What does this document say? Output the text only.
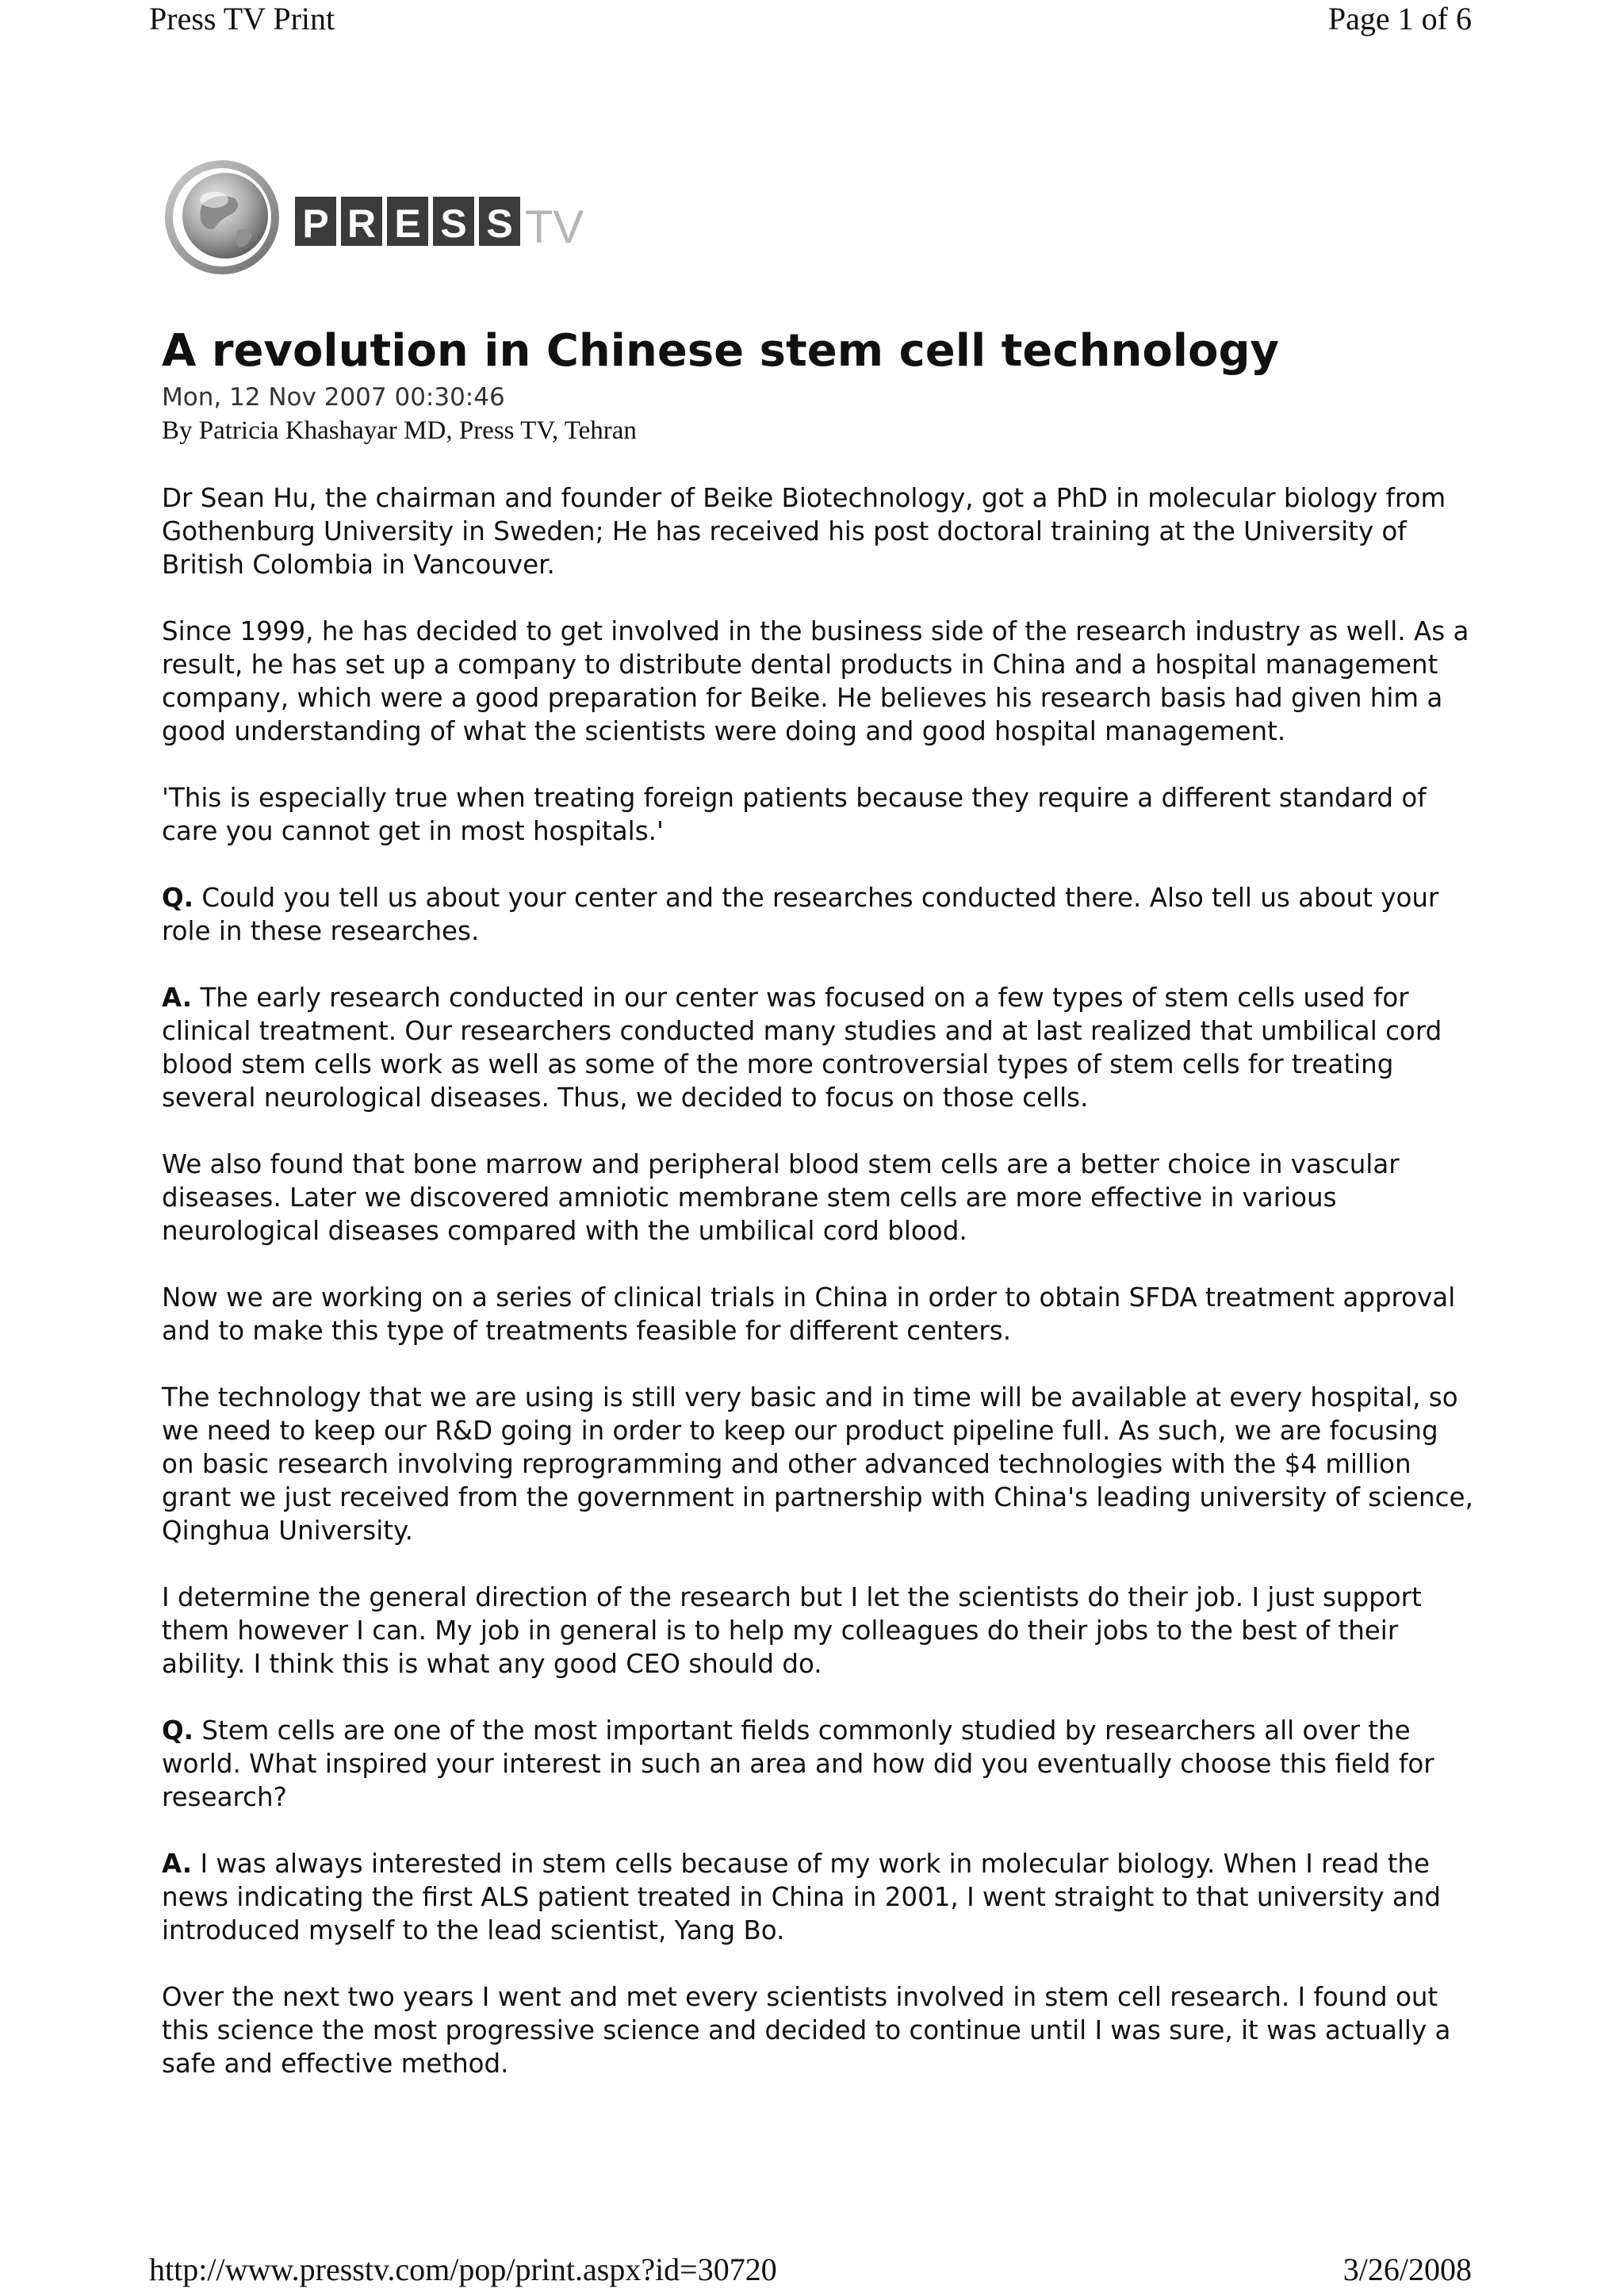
Press TV Print	Page 1 of 6
P R E S S TV
A revolution in Chinese stem cell technology
Mon, 12 Nov 2007 00:30:46
By Patricia Khashayar MD, Press TV, Tehran

Dr Sean Hu, the chairman and founder of Beike Biotechnology, got a PhD in molecular biology from Gothenburg University in Sweden; He has received his post doctoral training at the University of British Colombia in Vancouver.

Since 1999, he has decided to get involved in the business side of the research industry as well. As a result, he has set up a company to distribute dental products in China and a hospital management company, which were a good preparation for Beike. He believes his research basis had given him a good understanding of what the scientists were doing and good hospital management.

'This is especially true when treating foreign patients because they require a different standard of care you cannot get in most hospitals.'

Q. Could you tell us about your center and the researches conducted there. Also tell us about your role in these researches.

A. The early research conducted in our center was focused on a few types of stem cells used for clinical treatment. Our researchers conducted many studies and at last realized that umbilical cord blood stem cells work as well as some of the more controversial types of stem cells for treating several neurological diseases. Thus, we decided to focus on those cells.

We also found that bone marrow and peripheral blood stem cells are a better choice in vascular diseases. Later we discovered amniotic membrane stem cells are more effective in various neurological diseases compared with the umbilical cord blood.

Now we are working on a series of clinical trials in China in order to obtain SFDA treatment approval and to make this type of treatments feasible for different centers.

The technology that we are using is still very basic and in time will be available at every hospital, so we need to keep our R&D going in order to keep our product pipeline full. As such, we are focusing on basic research involving reprogramming and other advanced technologies with the $4 million grant we just received from the government in partnership with China's leading university of science, Qinghua University.

I determine the general direction of the research but I let the scientists do their job. I just support them however I can. My job in general is to help my colleagues do their jobs to the best of their ability. I think this is what any good CEO should do.

Q. Stem cells are one of the most important fields commonly studied by researchers all over the world. What inspired your interest in such an area and how did you eventually choose this field for research?

A. I was always interested in stem cells because of my work in molecular biology. When I read the news indicating the first ALS patient treated in China in 2001, I went straight to that university and introduced myself to the lead scientist, Yang Bo.

Over the next two years I went and met every scientists involved in stem cell research. I found out this science the most progressive science and decided to continue until I was sure, it was actually a safe and effective method.

http://www.presstv.com/pop/print.aspx?id=30720	3/26/2008
